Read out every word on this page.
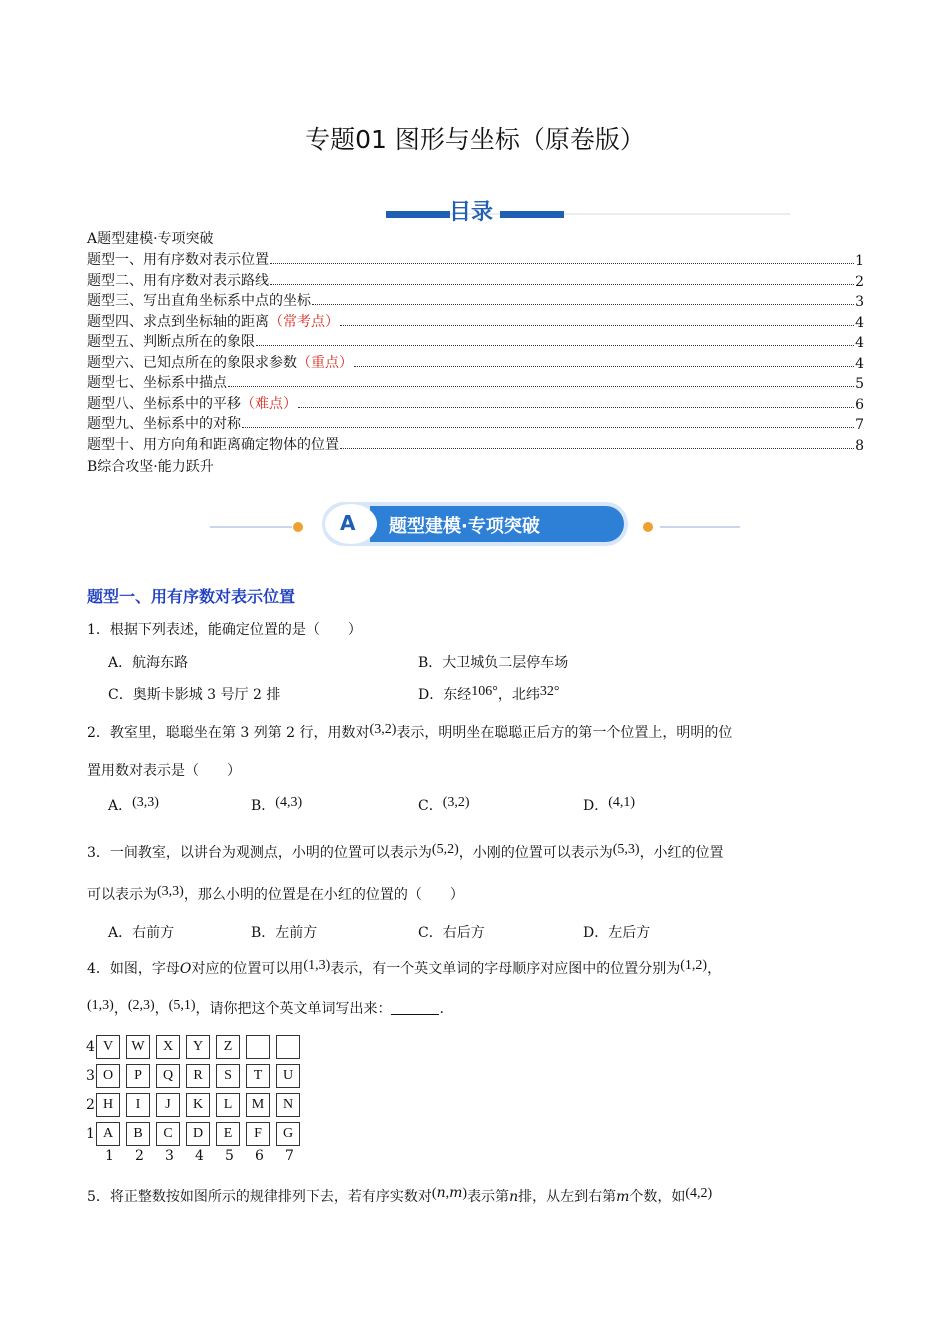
专题01 图形与坐标（原卷版）
目录
A题型建模·专项突破
题型一、用有序数对表示位置	1
题型二、用有序数对表示路线	2
题型三、写出直角坐标系中点的坐标	3
题型四、求点到坐标轴的距离 （常考点）	4
题型五、判断点所在的象限	4
题型六、已知点所在的象限求参数 （重点）	4
题型七、坐标系中描点	5
题型八、坐标系中的平移 （难点）	6
题型九、坐标系中的对称	7
题型十、用方向角和距离确定物体的位置	8
B综合攻坚·能力跃升
A 题型建模·专项突破
题型一、用有序数对表示位置
1．根据下列表述，能确定位置的是（　　）
A．航海东路	B．大卫城负二层停车场
C．奥斯卡影城 3 号厅 2 排	D．东经106°，北纬32°
2．教室里，聪聪坐在第 3 列第 2 行，用数对(3,2)表示，明明坐在聪聪正后方的第一个位置上，明明的位
置用数对表示是（　　）
A．(3,3)	B．(4,3)	C．(3,2)	D．(4,1)
3．一间教室，以讲台为观测点，小明的位置可以表示为(5,2)，小刚的位置可以表示为(5,3)，小红的位置
可以表示为(3,3)，那么小明的位置是在小红的位置的（　　）
A．右前方	B．左前方	C．右后方	D．左后方
4．如图，字母O对应的位置可以用(1,3)表示，有一个英文单词的字母顺序对应图中的位置分别为(1,2)，
(1,3)，(2,3)，(5,1)，请你把这个英文单词写出来：	.
4 V	W	X	Y	Z
3 O	P	Q	R	S	T	U
2 H	I	J	K	L	M	N
1 A	B	C	D	E	F	G
1 2 3 4 5 6 7
5．将正整数按如图所示的规律排列下去，若有序实数对(n,m)表示第n排，从左到右第m个数，如(4,2)
